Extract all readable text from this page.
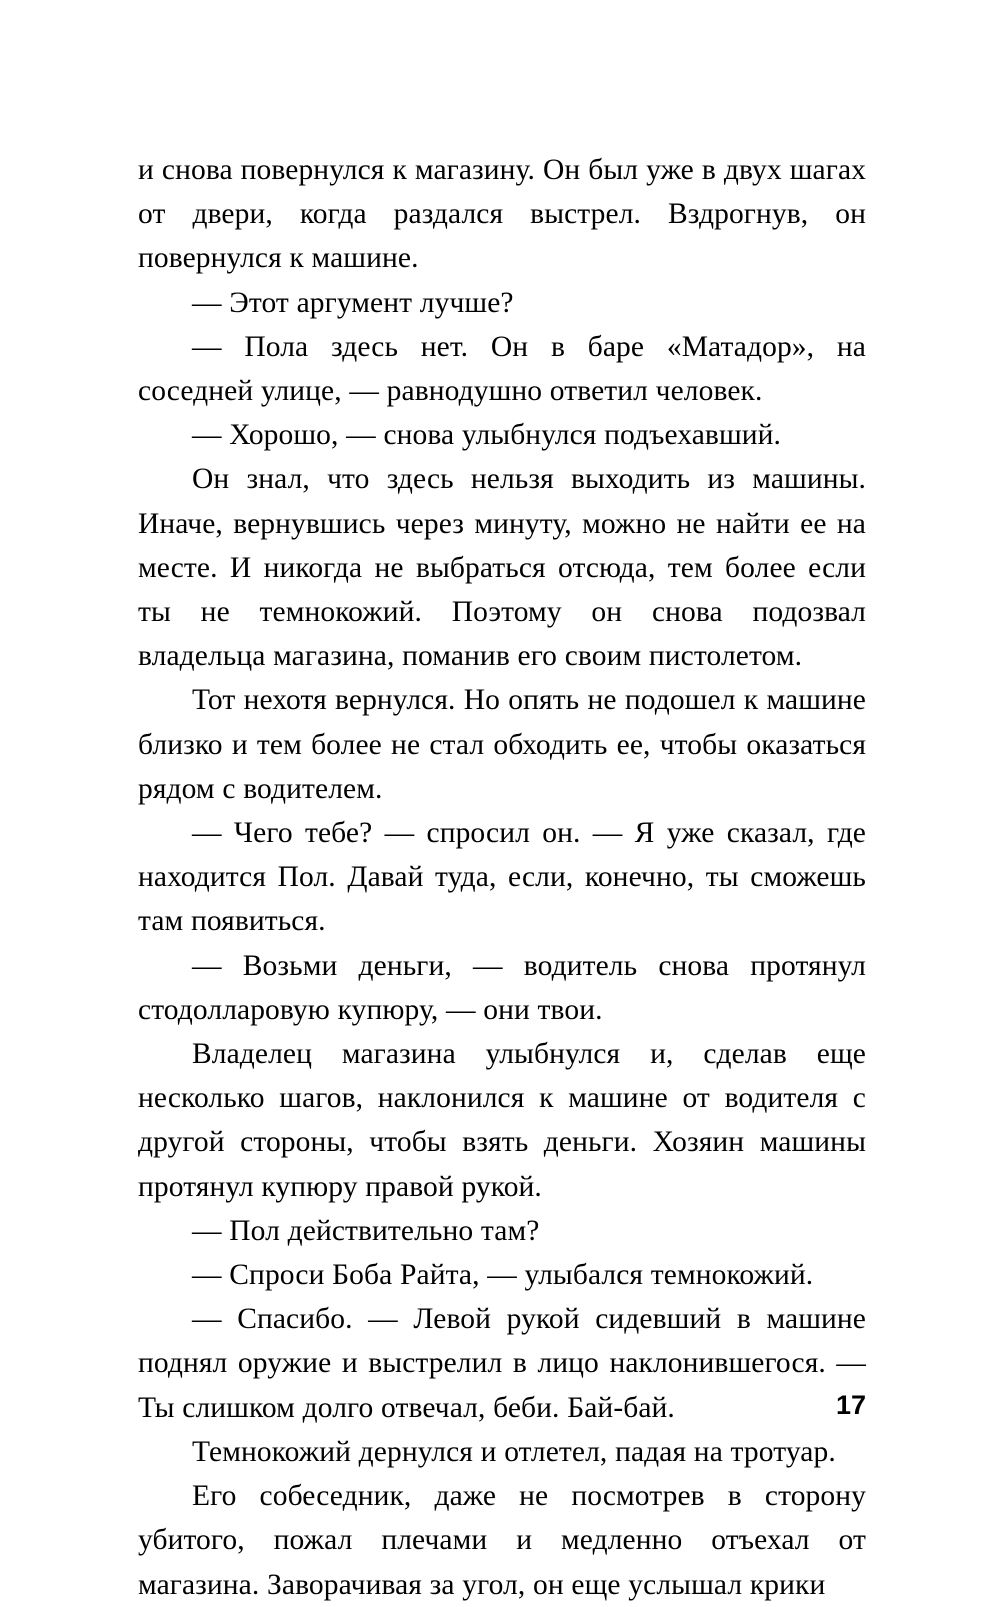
и снова повернулся к магазину. Он был уже в двух шагах от двери, когда раздался выстрел. Вздрогнув, он повернулся к машине.

— Этот аргумент лучше?

— Пола здесь нет. Он в баре «Матадор», на соседней улице, — равнодушно ответил человек.

— Хорошо, — снова улыбнулся подъехавший.

Он знал, что здесь нельзя выходить из машины. Иначе, вернувшись через минуту, можно не найти ее на месте. И никогда не выбраться отсюда, тем более если ты не темнокожий. Поэтому он снова подозвал владельца магазина, поманив его своим пистолетом.

Тот нехотя вернулся. Но опять не подошел к машине близко и тем более не стал обходить ее, чтобы оказаться рядом с водителем.

— Чего тебе? — спросил он. — Я уже сказал, где находится Пол. Давай туда, если, конечно, ты сможешь там появиться.

— Возьми деньги, — водитель снова протянул стодолларовую купюру, — они твои.

Владелец магазина улыбнулся и, сделав еще несколько шагов, наклонился к машине от водителя с другой стороны, чтобы взять деньги. Хозяин машины протянул купюру правой рукой.

— Пол действительно там?

— Спроси Боба Райта, — улыбался темнокожий.

— Спасибо. — Левой рукой сидевший в машине поднял оружие и выстрелил в лицо наклонившегося. — Ты слишком долго отвечал, беби. Бай-бай.

Темнокожий дернулся и отлетел, падая на тротуар.

Его собеседник, даже не посмотрев в сторону убитого, пожал плечами и медленно отъехал от магазина. Заворачивая за угол, он еще услышал крики

17
